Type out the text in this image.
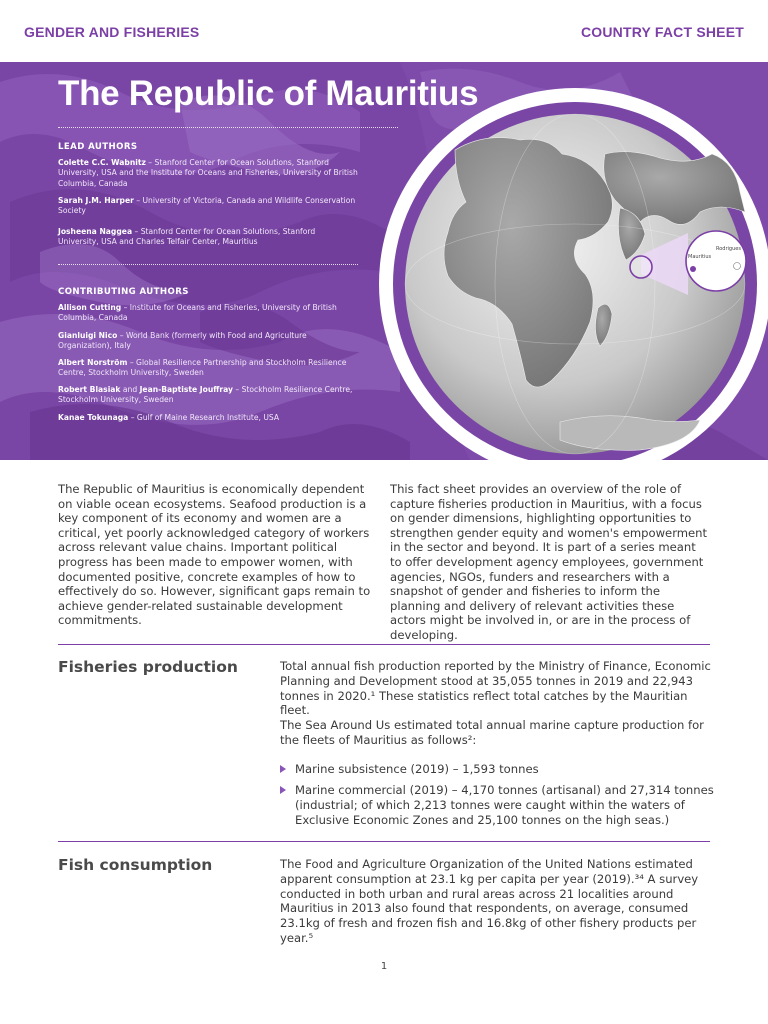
GENDER AND FISHERIES	COUNTRY FACT SHEET
Rodrigues
Mauritius
The Republic of Mauritius
LEAD AUTHORS
Colette C.C. Wabnitz – Stanford Center for Ocean Solutions, Stanford University, USA and the Institute for Oceans and Fisheries, University of British Columbia, Canada
Sarah J.M. Harper – University of Victoria, Canada and Wildlife Conservation Society
Josheena Naggea – Stanford Center for Ocean Solutions, Stanford University, USA and Charles Telfair Center, Mauritius
CONTRIBUTING AUTHORS
Allison Cutting – Institute for Oceans and Fisheries, University of British Columbia, Canada
Gianluigi Nico – World Bank (formerly with Food and Agriculture Organization), Italy
Albert Norström – Global Resilience Partnership and Stockholm Resilience Centre, Stockholm University, Sweden
Robert Blasiak and Jean-Baptiste Jouffray – Stockholm Resilience Centre, Stockholm University, Sweden
Kanae Tokunaga – Gulf of Maine Research Institute, USA

The Republic of Mauritius is economically dependent on viable ocean ecosystems. Seafood production is a key component of its economy and women are a critical, yet poorly acknowledged category of workers across relevant value chains. Important political progress has been made to empower women, with documented positive, concrete examples of how to effectively do so. However, significant gaps remain to achieve gender-related sustainable development commitments.

This fact sheet provides an overview of the role of capture fisheries production in Mauritius, with a focus on gender dimensions, highlighting opportunities to strengthen gender equity and women's empowerment in the sector and beyond. It is part of a series meant to offer development agency employees, government agencies, NGOs, funders and researchers with a snapshot of gender and fisheries to inform the planning and delivery of relevant activities these actors might be involved in, or are in the process of developing.

Fisheries production	Total annual fish production reported by the Ministry of Finance, Economic Planning and Development stood at 35,055 tonnes in 2019 and 22,943 tonnes in 2020.¹ These statistics reflect total catches by the Mauritian fleet.

The Sea Around Us estimated total annual marine capture production for the fleets of Mauritius as follows²:

Marine subsistence (2019) – 1,593 tonnes
Marine commercial (2019) – 4,170 tonnes (artisanal) and 27,314 tonnes (industrial; of which 2,213 tonnes were caught within the waters of Exclusive Economic Zones and 25,100 tonnes on the high seas.)
Fish consumption	The Food and Agriculture Organization of the United Nations estimated apparent consumption at 23.1 kg per capita per year (2019).³⁴ A survey conducted in both urban and rural areas across 21 localities around Mauritius in 2013 also found that respondents, on average, consumed 23.1kg of fresh and frozen fish and 16.8kg of other fishery products per year.⁵

1
